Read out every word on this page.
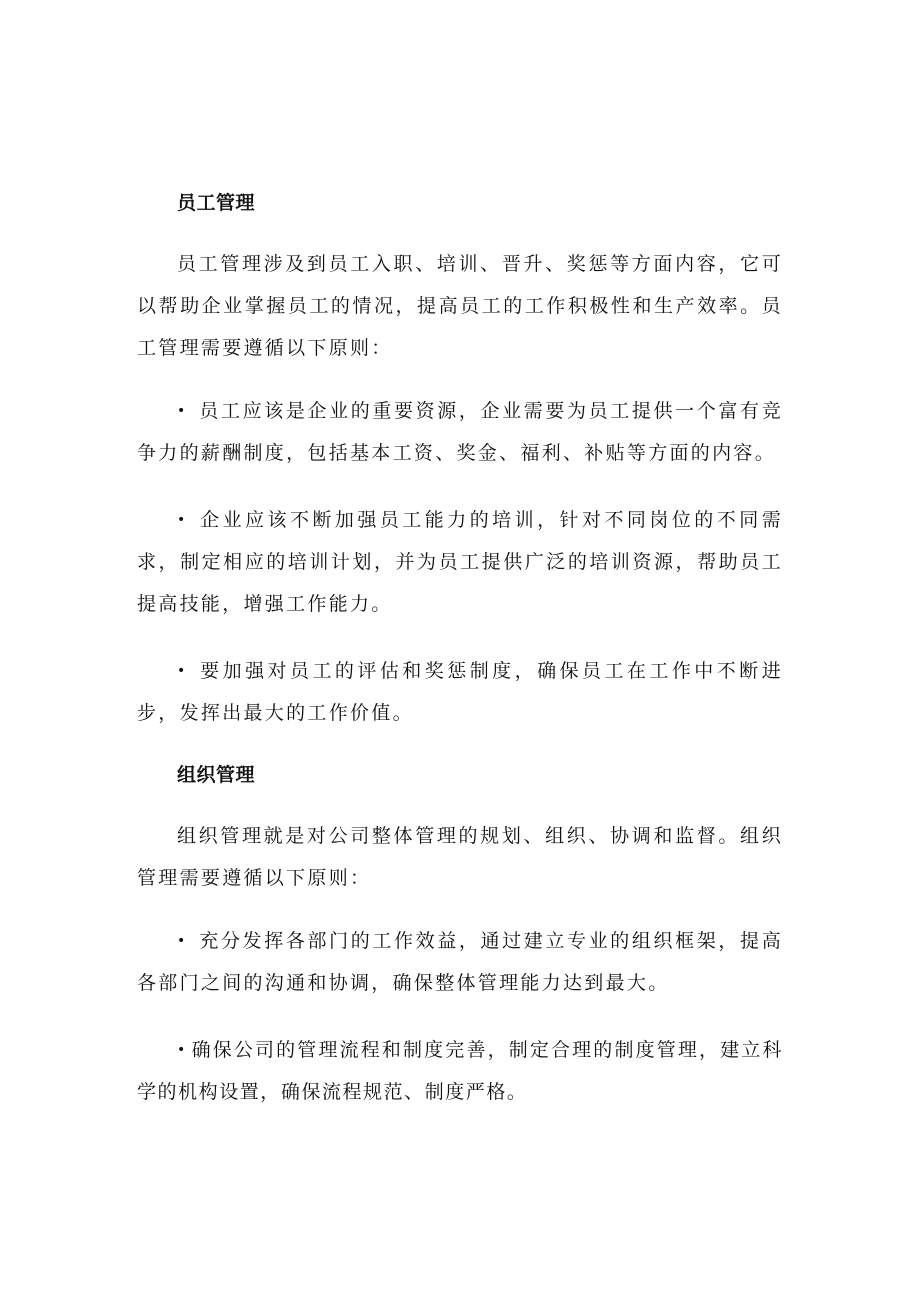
员工管理

员工管理涉及到员工入职、培训、晋升、奖惩等方面内容，它可以帮助企业掌握员工的情况，提高员工的工作积极性和生产效率。员工管理需要遵循以下原则：

• 员工应该是企业的重要资源，企业需要为员工提供一个富有竞争力的薪酬制度，包括基本工资、奖金、福利、补贴等方面的内容。

• 企业应该不断加强员工能力的培训，针对不同岗位的不同需求，制定相应的培训计划，并为员工提供广泛的培训资源，帮助员工提高技能，增强工作能力。

• 要加强对员工的评估和奖惩制度，确保员工在工作中不断进步，发挥出最大的工作价值。

组织管理

组织管理就是对公司整体管理的规划、组织、协调和监督。组织管理需要遵循以下原则：

• 充分发挥各部门的工作效益，通过建立专业的组织框架，提高各部门之间的沟通和协调，确保整体管理能力达到最大。

• 确保公司的管理流程和制度完善，制定合理的制度管理，建立科学的机构设置，确保流程规范、制度严格。
